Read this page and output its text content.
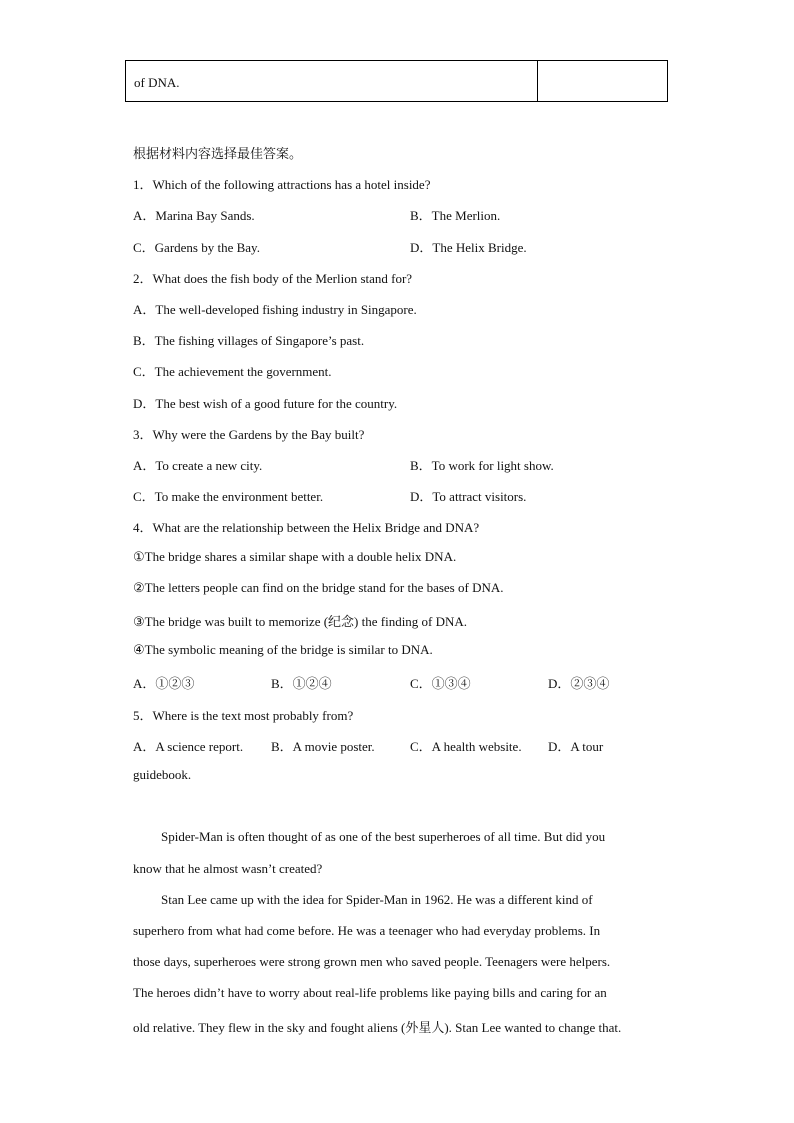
of DNA.
根据材料内容选择最佳答案。
1．Which of the following attractions has a hotel inside?
A．Marina Bay Sands.	B．The Merlion.
C．Gardens by the Bay.	D．The Helix Bridge.
2．What does the fish body of the Merlion stand for?
A．The well-developed fishing industry in Singapore.
B．The fishing villages of Singapore’s past.
C．The achievement the government.
D．The best wish of a good future for the country.
3．Why were the Gardens by the Bay built?
A．To create a new city.	B．To work for light show.
C．To make the environment better.	D．To attract visitors.
4．What are the relationship between the Helix Bridge and DNA?
①The bridge shares a similar shape with a double helix DNA.
②The letters people can find on the bridge stand for the bases of DNA.
③The bridge was built to memorize (纪念) the finding of DNA.
④The symbolic meaning of the bridge is similar to DNA.
A．①②③	B．①②④	C．①③④	D．②③④
5．Where is the text most probably from?
A．A science report. B．A movie poster.	C．A health website. D．A tour
guidebook.
Spider-Man is often thought of as one of the best superheroes of all time. But did you
know that he almost wasn’t created?
Stan Lee came up with the idea for Spider-Man in 1962. He was a different kind of
superhero from what had come before. He was a teenager who had everyday problems. In
those days, superheroes were strong grown men who saved people. Teenagers were helpers.
The heroes didn’t have to worry about real-life problems like paying bills and caring for an
old relative. They flew in the sky and fought aliens (外星人). Stan Lee wanted to change that.
